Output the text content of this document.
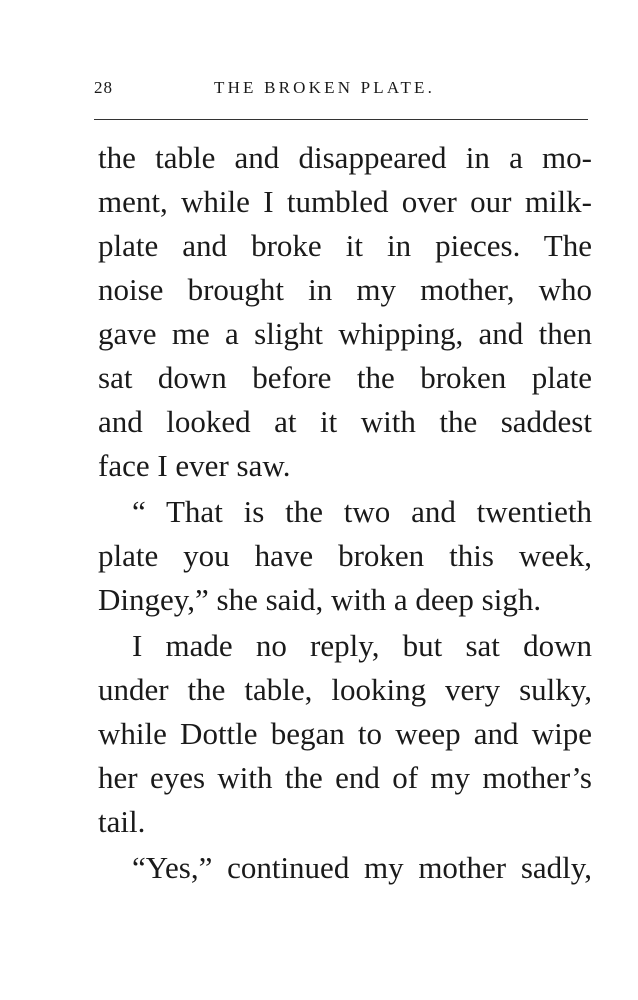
28	THE BROKEN PLATE.
the table and disappeared in a mo-
ment, while I tumbled over our milk-
plate and broke it in pieces. The
noise brought in my mother, who
gave me a slight whipping, and then
sat down before the broken plate
and looked at it with the saddest
face I ever saw.
“ That is the two and twentieth
plate you have broken this week,
Dingey,” she said, with a deep sigh.
I made no reply, but sat down
under the table, looking very sulky,
while Dottle began to weep and wipe
her eyes with the end of my mother’s
tail.
“Yes,” continued my mother sadly,
